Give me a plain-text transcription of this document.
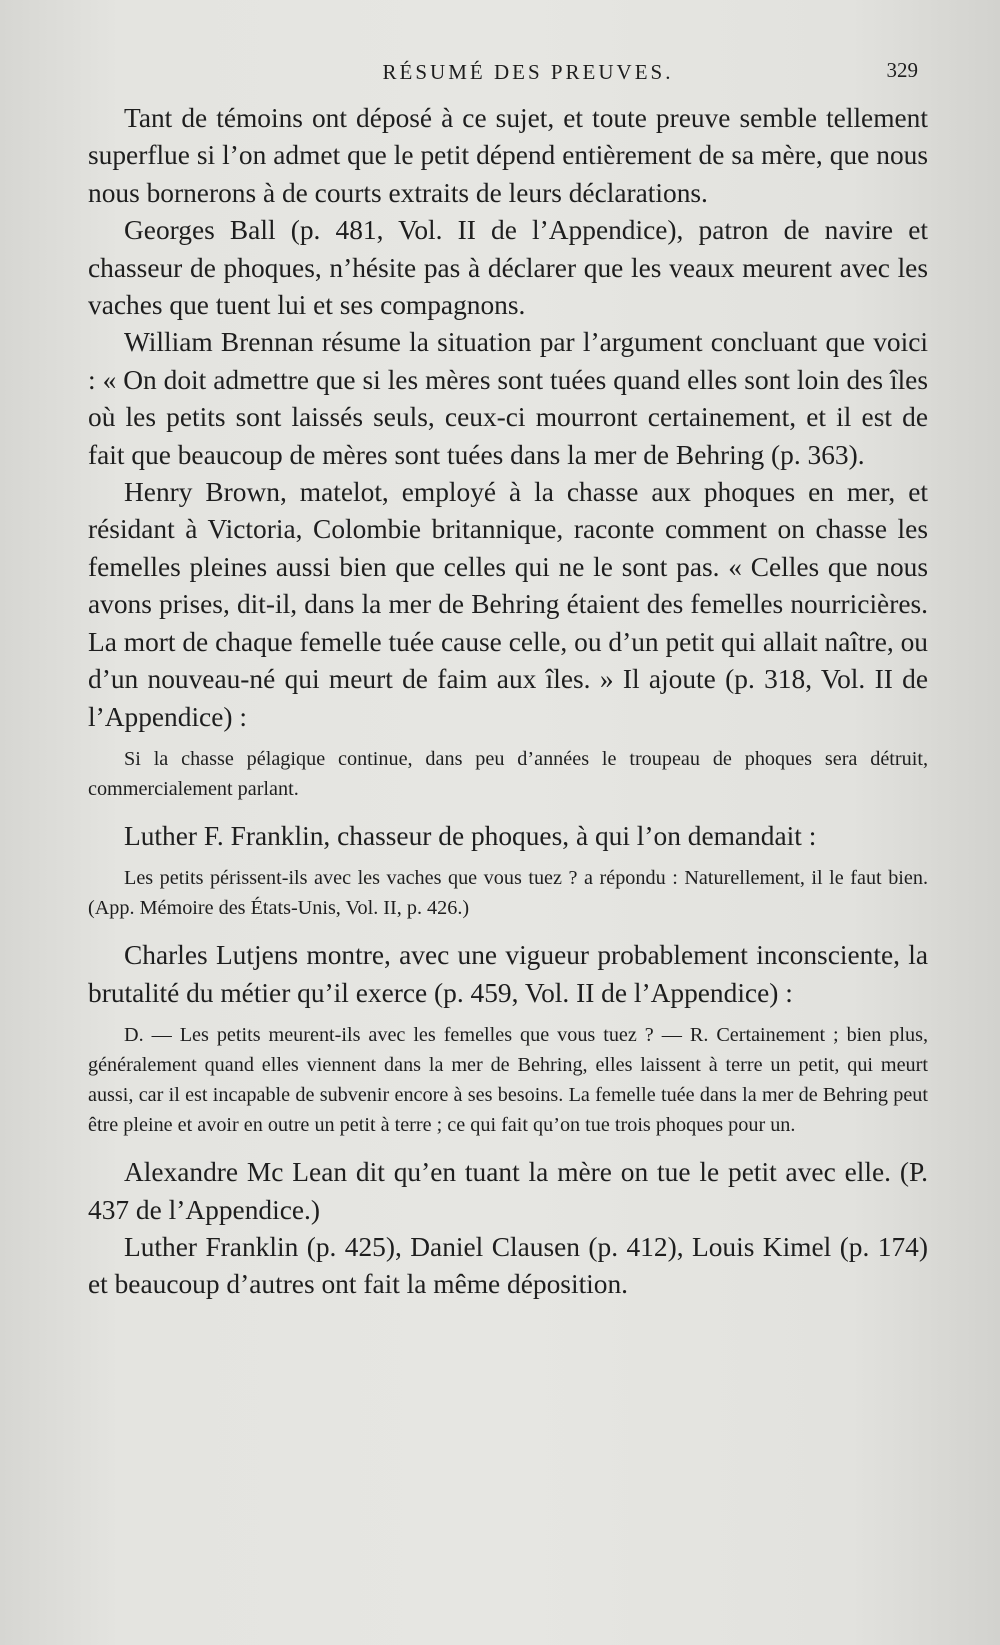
RÉSUMÉ DES PREUVES.	329

Tant de témoins ont déposé à ce sujet, et toute preuve semble tellement superflue si l’on admet que le petit dépend entièrement de sa mère, que nous nous bornerons à de courts extraits de leurs déclarations.

Georges Ball (p. 481, Vol. II de l’Appendice), patron de navire et chasseur de phoques, n’hésite pas à déclarer que les veaux meurent avec les vaches que tuent lui et ses compagnons.

William Brennan résume la situation par l’argument concluant que voici : « On doit admettre que si les mères sont tuées quand elles sont loin des îles où les petits sont laissés seuls, ceux-ci mourront certainement, et il est de fait que beaucoup de mères sont tuées dans la mer de Behring (p. 363).

Henry Brown, matelot, employé à la chasse aux phoques en mer, et résidant à Victoria, Colombie britannique, raconte comment on chasse les femelles pleines aussi bien que celles qui ne le sont pas. « Celles que nous avons prises, dit-il, dans la mer de Behring étaient des femelles nourricières. La mort de chaque femelle tuée cause celle, ou d’un petit qui allait naître, ou d’un nouveau-né qui meurt de faim aux îles. » Il ajoute (p. 318, Vol. II de l’Appendice) :

Si la chasse pélagique continue, dans peu d’années le troupeau de phoques sera détruit, commercialement parlant.

Luther F. Franklin, chasseur de phoques, à qui l’on demandait :

Les petits périssent-ils avec les vaches que vous tuez ? a répondu : Naturellement, il le faut bien. (App. Mémoire des États-Unis, Vol. II, p. 426.)

Charles Lutjens montre, avec une vigueur probablement inconsciente, la brutalité du métier qu’il exerce (p. 459, Vol. II de l’Appendice) :

D. — Les petits meurent-ils avec les femelles que vous tuez ? — R. Certainement ; bien plus, généralement quand elles viennent dans la mer de Behring, elles laissent à terre un petit, qui meurt aussi, car il est incapable de subvenir encore à ses besoins. La femelle tuée dans la mer de Behring peut être pleine et avoir en outre un petit à terre ; ce qui fait qu’on tue trois phoques pour un.

Alexandre Mc Lean dit qu’en tuant la mère on tue le petit avec elle. (P. 437 de l’Appendice.)

Luther Franklin (p. 425), Daniel Clausen (p. 412), Louis Kimel (p. 174) et beaucoup d’autres ont fait la même déposition.
